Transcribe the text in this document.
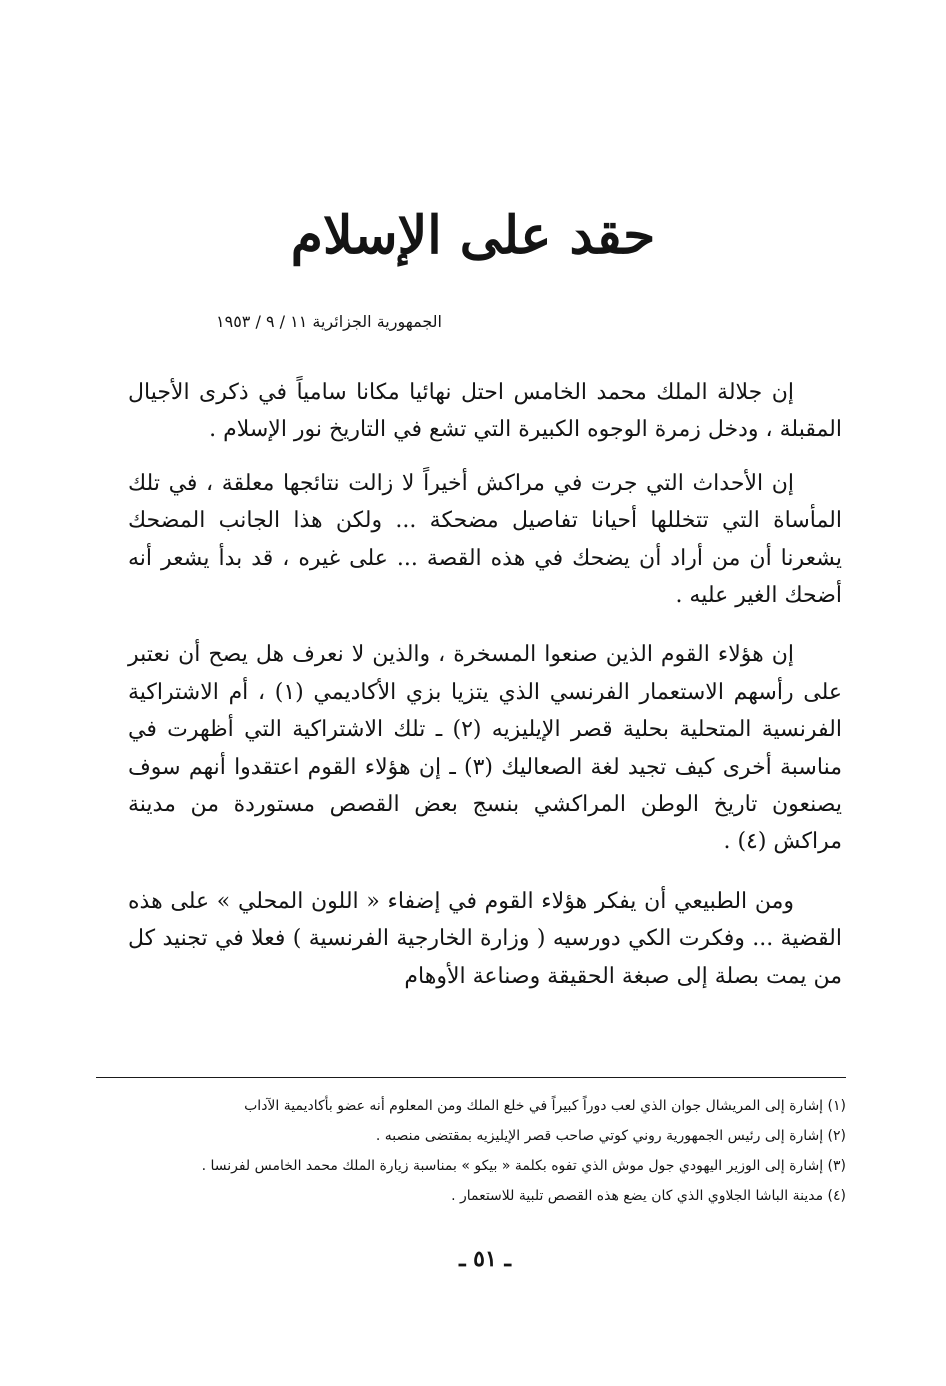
حقد على الإسلام
الجمهورية الجزائرية ١١ / ٩ / ١٩٥٣

إن جلالة الملك محمد الخامس احتل نهائيا مكانا سامياً في ذكرى الأجيال المقبلة ، ودخل زمرة الوجوه الكبيرة التي تشع في التاريخ نور الإسلام .

إن الأحداث التي جرت في مراكش أخيراً لا زالت نتائجها معلقة ، في تلك المأساة التي تتخللها أحيانا تفاصيل مضحكة ... ولكن هذا الجانب المضحك يشعرنا أن من أراد أن يضحك في هذه القصة ... على غيره ، قد بدأ يشعر أنه أضحك الغير عليه .

إن هؤلاء القوم الذين صنعوا المسخرة ، والذين لا نعرف هل يصح أن نعتبر على رأسهم الاستعمار الفرنسي الذي يتزيا بزي الأكاديمي (١) ، أم الاشتراكية الفرنسية المتحلية بحلية قصر الإيليزيه (٢) ـ تلك الاشتراكية التي أظهرت في مناسبة أخرى كيف تجيد لغة الصعاليك (٣) ـ إن هؤلاء القوم اعتقدوا أنهم سوف يصنعون تاريخ الوطن المراكشي بنسج بعض القصص مستوردة من مدينة مراكش (٤) .

ومن الطبيعي أن يفكر هؤلاء القوم في إضفاء « اللون المحلي » على هذه القضية ... وفكرت الكي دورسيه ( وزارة الخارجية الفرنسية ) فعلا في تجنيد كل من يمت بصلة إلى صبغة الحقيقة وصناعة الأوهام

(١) إشارة إلى المريشال جوان الذي لعب دوراً كبيراً في خلع الملك ومن المعلوم أنه عضو بأكاديمية الآداب

(٢) إشارة إلى رئيس الجمهورية روني كوتي صاحب قصر الإيليزيه بمقتضى منصبه .

(٣) إشارة إلى الوزير اليهودي جول موش الذي تفوه بكلمة « بيكو » بمناسبة زيارة الملك محمد الخامس لفرنسا .

(٤) مدينة الباشا الجلاوي الذي كان يضع هذه القصص تلبية للاستعمار .

ـ ٥١ ـ
